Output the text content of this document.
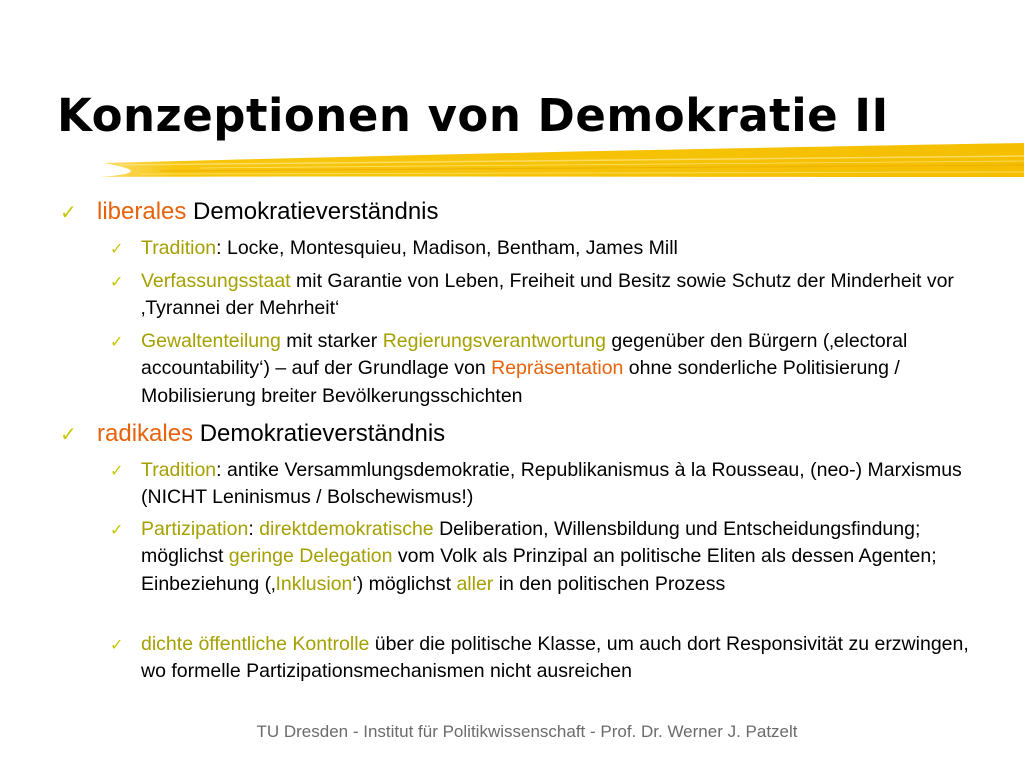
Konzeptionen von Demokratie II

✓ liberales Demokratieverständnis

✓ Tradition: Locke, Montesquieu, Madison, Bentham, James Mill

✓ Verfassungsstaat mit Garantie von Leben, Freiheit und Besitz sowie Schutz der Minderheit vor ‚Tyrannei der Mehrheit‘

✓ Gewaltenteilung mit starker Regierungsverantwortung gegenüber den Bürgern (‚electoral accountability‘) – auf der Grundlage von Repräsentation ohne sonderliche Politisierung / Mobilisierung breiter Bevölkerungsschichten

✓ radikales Demokratieverständnis

✓ Tradition: antike Versammlungsdemokratie, Republikanismus à la Rousseau, (neo-) Marxismus (NICHT Leninismus / Bolschewismus!)

✓ Partizipation: direktdemokratische Deliberation, Willensbildung und Entscheidungsfindung; möglichst geringe Delegation vom Volk als Prinzipal an politische Eliten als dessen Agenten; Einbeziehung (‚Inklusion‘) möglichst aller in den politischen Prozess

✓ dichte öffentliche Kontrolle über die politische Klasse, um auch dort Responsivität zu erzwingen, wo formelle Partizipationsmechanismen nicht ausreichen

TU Dresden - Institut für Politikwissenschaft - Prof. Dr. Werner J. Patzelt
